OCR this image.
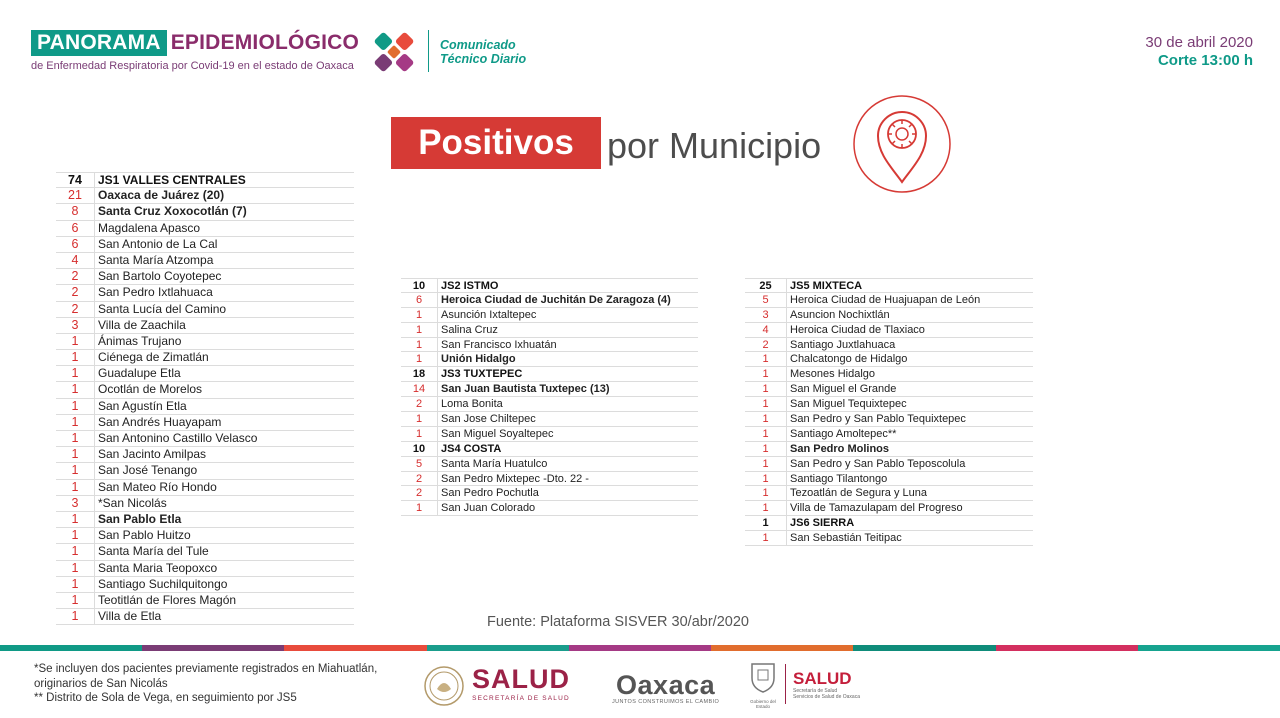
PANORAMA EPIDEMIOLÓGICO
de Enfermedad Respiratoria por Covid-19 en el estado de Oaxaca
Comunicado
Técnico Diario
30 de abril 2020
Corte 13:00 h
Positivos por Municipio
74	JS1 VALLES CENTRALES
21	Oaxaca de Juárez (20)
8	Santa Cruz Xoxocotlán (7)
6	Magdalena Apasco
6	San Antonio de La Cal
4	Santa María Atzompa
2	San Bartolo Coyotepec
2	San Pedro Ixtlahuaca
2	Santa Lucía del Camino
3	Villa de Zaachila
1	Ánimas Trujano
1	Ciénega de Zimatlán
1	Guadalupe Etla
1	Ocotlán de Morelos
1	San Agustín Etla
1	San Andrés Huayapam
1	San Antonino Castillo Velasco
1	San Jacinto Amilpas
1	San José Tenango
1	San Mateo Río Hondo
3	*San Nicolás
1	San Pablo Etla
1	San Pablo Huitzo
1	Santa María del Tule
1	Santa Maria Teopoxco
1	Santiago Suchilquitongo
1	Teotitlán de Flores Magón
1	Villa de Etla
10	JS2 ISTMO
6	Heroica Ciudad de Juchitán De Zaragoza (4)
1	Asunción Ixtaltepec
1	Salina Cruz
1	San Francisco Ixhuatán
1	Unión Hidalgo
18	JS3 TUXTEPEC
14	San Juan Bautista Tuxtepec (13)
2	Loma Bonita
1	San Jose Chiltepec
1	San Miguel Soyaltepec
10	JS4 COSTA
5	Santa María Huatulco
2	San Pedro Mixtepec -Dto. 22 -
2	San Pedro Pochutla
1	San Juan Colorado
25	JS5 MIXTECA
5	Heroica Ciudad de Huajuapan de León
3	Asuncion Nochixtlán
4	Heroica Ciudad de Tlaxiaco
2	Santiago Juxtlahuaca
1	Chalcatongo de Hidalgo
1	Mesones Hidalgo
1	San Miguel el Grande
1	San Miguel Tequixtepec
1	San Pedro y San Pablo Tequixtepec
1	Santiago Amoltepec**
1	San Pedro Molinos
1	San Pedro y San Pablo Teposcolula
1	Santiago Tilantongo
1	Tezoatlán de Segura y Luna
1	Villa de Tamazulapam del Progreso
1	JS6 SIERRA
1	San Sebastián Teitipac
Fuente: Plataforma SISVER 30/abr/2020
*Se incluyen dos pacientes previamente registrados en Miahuatlán,
originarios de San Nicolás
** Distrito de Sola de Vega, en seguimiento por JS5
SALUD
SECRETARÍA DE SALUD Oaxaca
JUNTOS CONSTRUIMOS EL CAMBIO	Gobierno del Estado
SALUD
Secretaría de Salud
Servicios de Salud de Oaxaca
